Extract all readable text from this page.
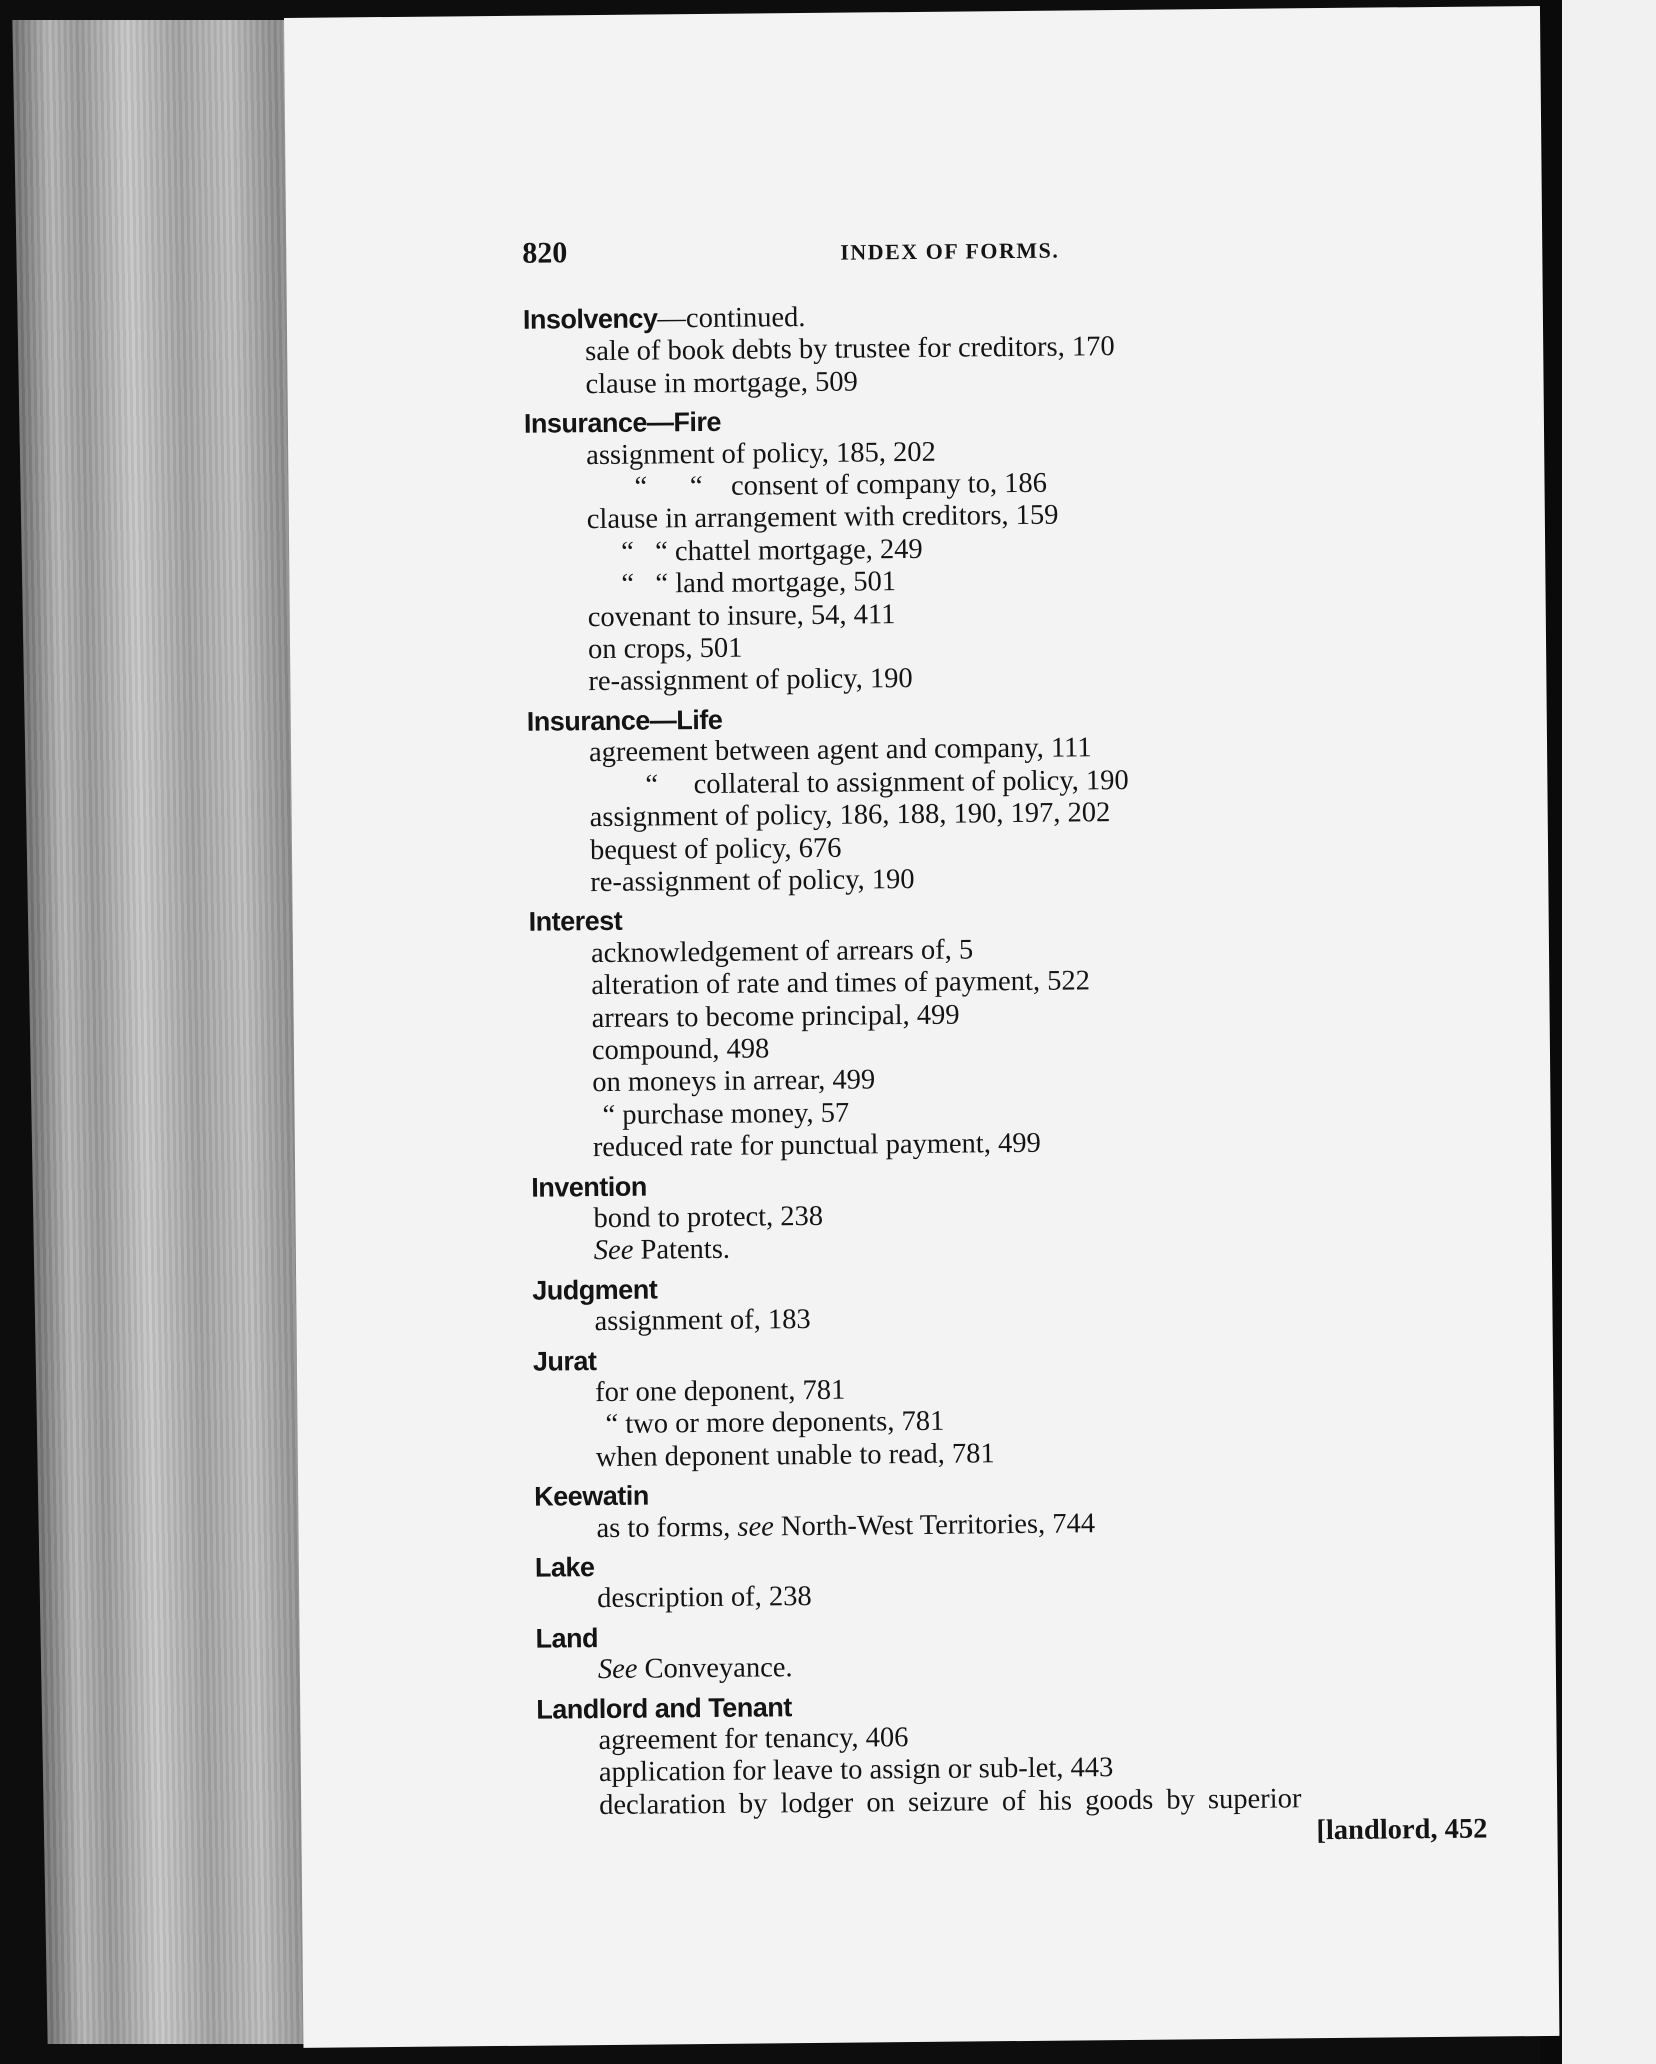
820	INDEX OF FORMS.
Insolvency—continued.
sale of book debts by trustee for creditors, 170
clause in mortgage, 509
Insurance—Fire
assignment of policy, 185, 202
“      “    consent of company to, 186
clause in arrangement with creditors, 159
“   “ chattel mortgage, 249
“   “ land mortgage, 501
covenant to insure, 54, 411
on crops, 501
re-assignment of policy, 190
Insurance—Life
agreement between agent and company, 111
“     collateral to assignment of policy, 190
assignment of policy, 186, 188, 190, 197, 202
bequest of policy, 676
re-assignment of policy, 190
Interest
acknowledgement of arrears of, 5
alteration of rate and times of payment, 522
arrears to become principal, 499
compound, 498
on moneys in arrear, 499
“ purchase money, 57
reduced rate for punctual payment, 499
Invention
bond to protect, 238
See Patents.
Judgment
assignment of, 183
Jurat
for one deponent, 781
“ two or more deponents, 781
when deponent unable to read, 781
Keewatin
as to forms, see North-West Territories, 744
Lake
description of, 238
Land
See Conveyance.
Landlord and Tenant
agreement for tenancy, 406
application for leave to assign or sub-let, 443
declaration by lodger on seizure of his goods by superior
[landlord, 452
